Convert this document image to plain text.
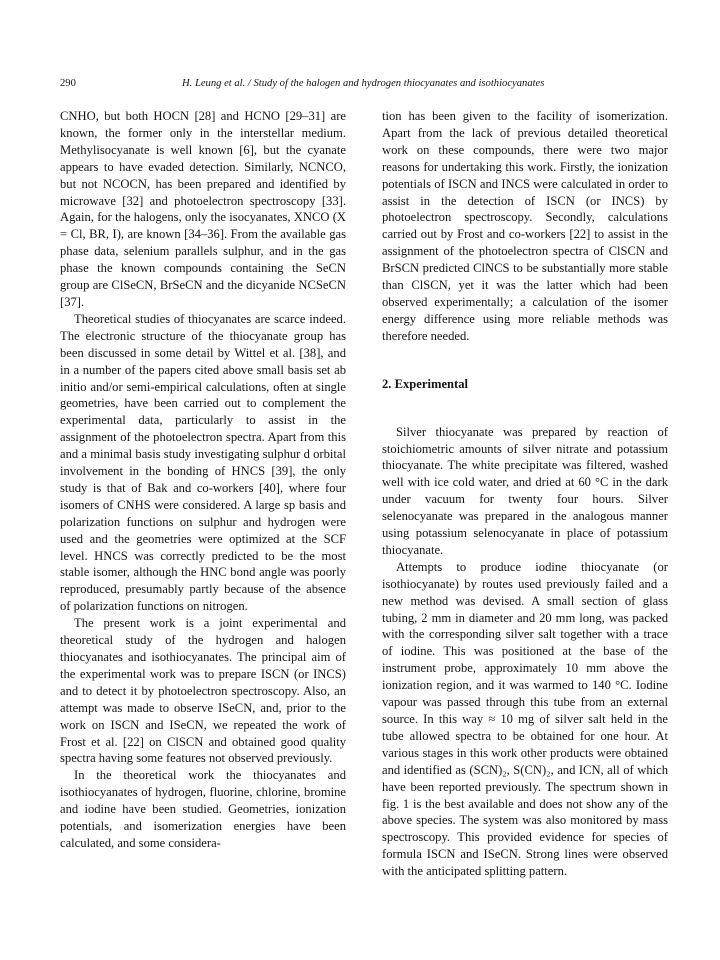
290	H. Leung et al. / Study of the halogen and hydrogen thiocyanates and isothiocyanates

CNHO, but both HOCN [28] and HCNO [29–31] are known, the former only in the interstellar medium. Methylisocyanate is well known [6], but the cyanate appears to have evaded detection. Similarly, NCNCO, but not NCOCN, has been prepared and identified by microwave [32] and photoelectron spectroscopy [33]. Again, for the halogens, only the isocyanates, XNCO (X = Cl, BR, I), are known [34–36]. From the available gas phase data, selenium parallels sulphur, and in the gas phase the known compounds containing the SeCN group are ClSeCN, BrSeCN and the dicyanide NCSeCN [37].

Theoretical studies of thiocyanates are scarce indeed. The electronic structure of the thiocyanate group has been discussed in some detail by Wittel et al. [38], and in a number of the papers cited above small basis set ab initio and/or semi-empirical calculations, often at single geometries, have been carried out to complement the experimental data, particularly to assist in the assignment of the photoelectron spectra. Apart from this and a minimal basis study investigating sulphur d orbital involvement in the bonding of HNCS [39], the only study is that of Bak and co-workers [40], where four isomers of CNHS were considered. A large sp basis and polarization functions on sulphur and hydrogen were used and the geometries were optimized at the SCF level. HNCS was correctly predicted to be the most stable isomer, although the HNC bond angle was poorly reproduced, presumably partly because of the absence of polarization functions on nitrogen.

The present work is a joint experimental and theoretical study of the hydrogen and halogen thiocyanates and isothiocyanates. The principal aim of the experimental work was to prepare ISCN (or INCS) and to detect it by photoelectron spectroscopy. Also, an attempt was made to observe ISeCN, and, prior to the work on ISCN and ISeCN, we repeated the work of Frost et al. [22] on ClSCN and obtained good quality spectra having some features not observed previously.

In the theoretical work the thiocyanates and isothiocyanates of hydrogen, fluorine, chlorine, bromine and iodine have been studied. Geometries, ionization potentials, and isomerization energies have been calculated, and some considera-

tion has been given to the facility of isomerization. Apart from the lack of previous detailed theoretical work on these compounds, there were two major reasons for undertaking this work. Firstly, the ionization potentials of ISCN and INCS were calculated in order to assist in the detection of ISCN (or INCS) by photoelectron spectroscopy. Secondly, calculations carried out by Frost and co-workers [22] to assist in the assignment of the photoelectron spectra of ClSCN and BrSCN predicted ClNCS to be substantially more stable than ClSCN, yet it was the latter which had been observed experimentally; a calculation of the isomer energy difference using more reliable methods was therefore needed.

2. Experimental

Silver thiocyanate was prepared by reaction of stoichiometric amounts of silver nitrate and potassium thiocyanate. The white precipitate was filtered, washed well with ice cold water, and dried at 60 °C in the dark under vacuum for twenty four hours. Silver selenocyanate was prepared in the analogous manner using potassium selenocyanate in place of potassium thiocyanate.

Attempts to produce iodine thiocyanate (or isothiocyanate) by routes used previously failed and a new method was devised. A small section of glass tubing, 2 mm in diameter and 20 mm long, was packed with the corresponding silver salt together with a trace of iodine. This was positioned at the base of the instrument probe, approximately 10 mm above the ionization region, and it was warmed to 140 °C. Iodine vapour was passed through this tube from an external source. In this way ≈ 10 mg of silver salt held in the tube allowed spectra to be obtained for one hour. At various stages in this work other products were obtained and identified as (SCN)₂, S(CN)₂, and ICN, all of which have been reported previously. The spectrum shown in fig. 1 is the best available and does not show any of the above species. The system was also monitored by mass spectroscopy. This provided evidence for species of formula ISCN and ISeCN. Strong lines were observed with the anticipated splitting pattern.
